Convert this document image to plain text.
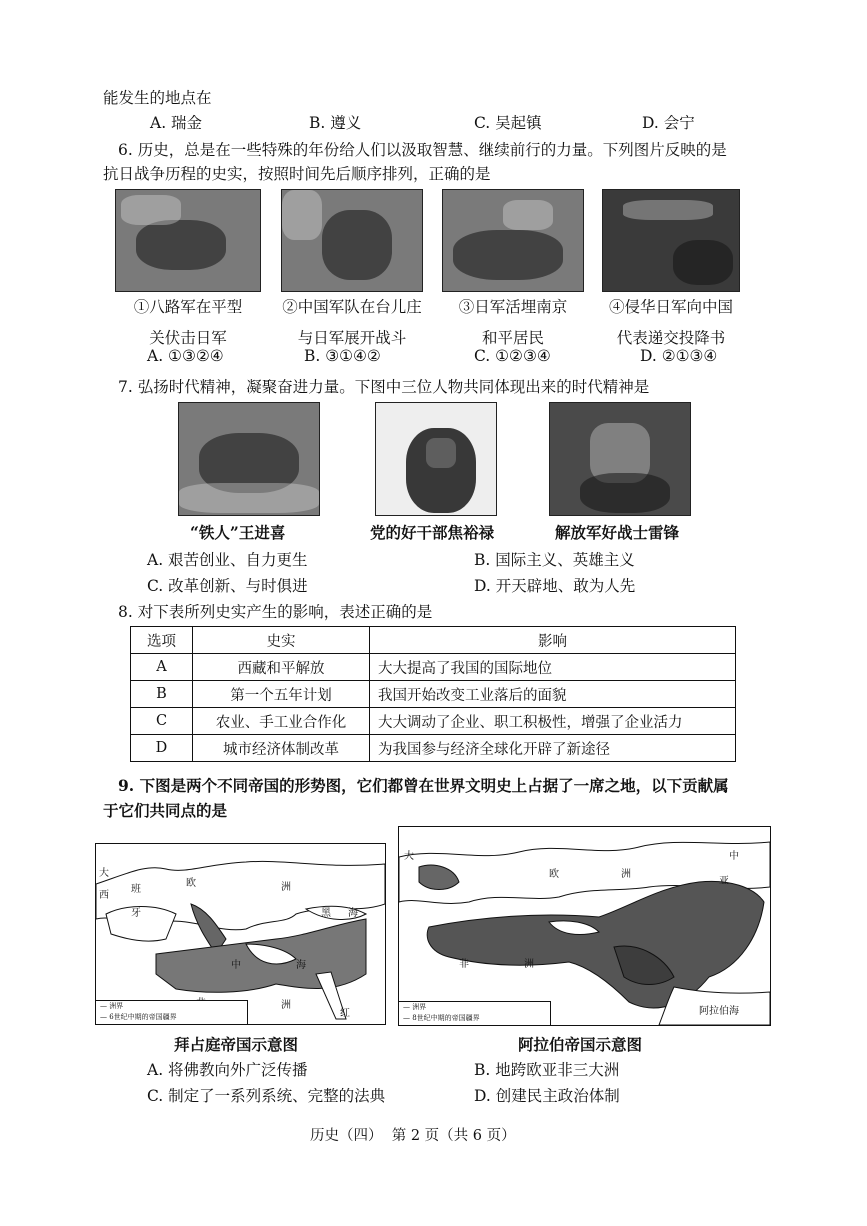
能发生的地点在
A. 瑞金	B. 遵义	C. 吴起镇	D. 会宁
6. 历史，总是在一些特殊的年份给人们以汲取智慧、继续前行的力量。下列图片反映的是
抗日战争历程的史实，按照时间先后顺序排列，正确的是
①八路军在平型
关伏击日军
②中国军队在台儿庄
与日军展开战斗
③日军活埋南京
和平居民
④侵华日军向中国
代表递交投降书
A. ①③②④	B. ③①④②	C. ①②③④	D. ②①③④
7. 弘扬时代精神，凝聚奋进力量。下图中三位人物共同体现出来的时代精神是
“铁人”王进喜	党的好干部焦裕禄	解放军好战士雷锋
A. 艰苦创业、自力更生	B. 国际主义、英雄主义
C. 改革创新、与时俱进	D. 开天辟地、敢为人先
8. 对下表所列史实产生的影响，表述正确的是
选项	史实	影响
A	西藏和平解放	大大提高了我国的国际地位
B	第一个五年计划	我国开始改变工业落后的面貌
C	农业、手工业合作化	大大调动了企业、职工积极性，增强了企业活力
D	城市经济体制改革	为我国参与经济全球化开辟了新途径
9. 下图是两个不同帝国的形势图，它们都曾在世界文明史上占据了一席之地，以下贡献属
于它们共同点的是
大
西
班
牙
欧	洲
黑 海
中	海
洲
红
— 洲界
— 6世纪中期的帝国疆界
大	中
欧	洲
亚
非	洲
阿拉伯海
— 洲界
— 8世纪中期的帝国疆界
拜占庭帝国示意图	阿拉伯帝国示意图
A. 将佛教向外广泛传播	B. 地跨欧亚非三大洲
C. 制定了一系列系统、完整的法典	D. 创建民主政治体制
历史（四）  第 2 页（共 6 页）
